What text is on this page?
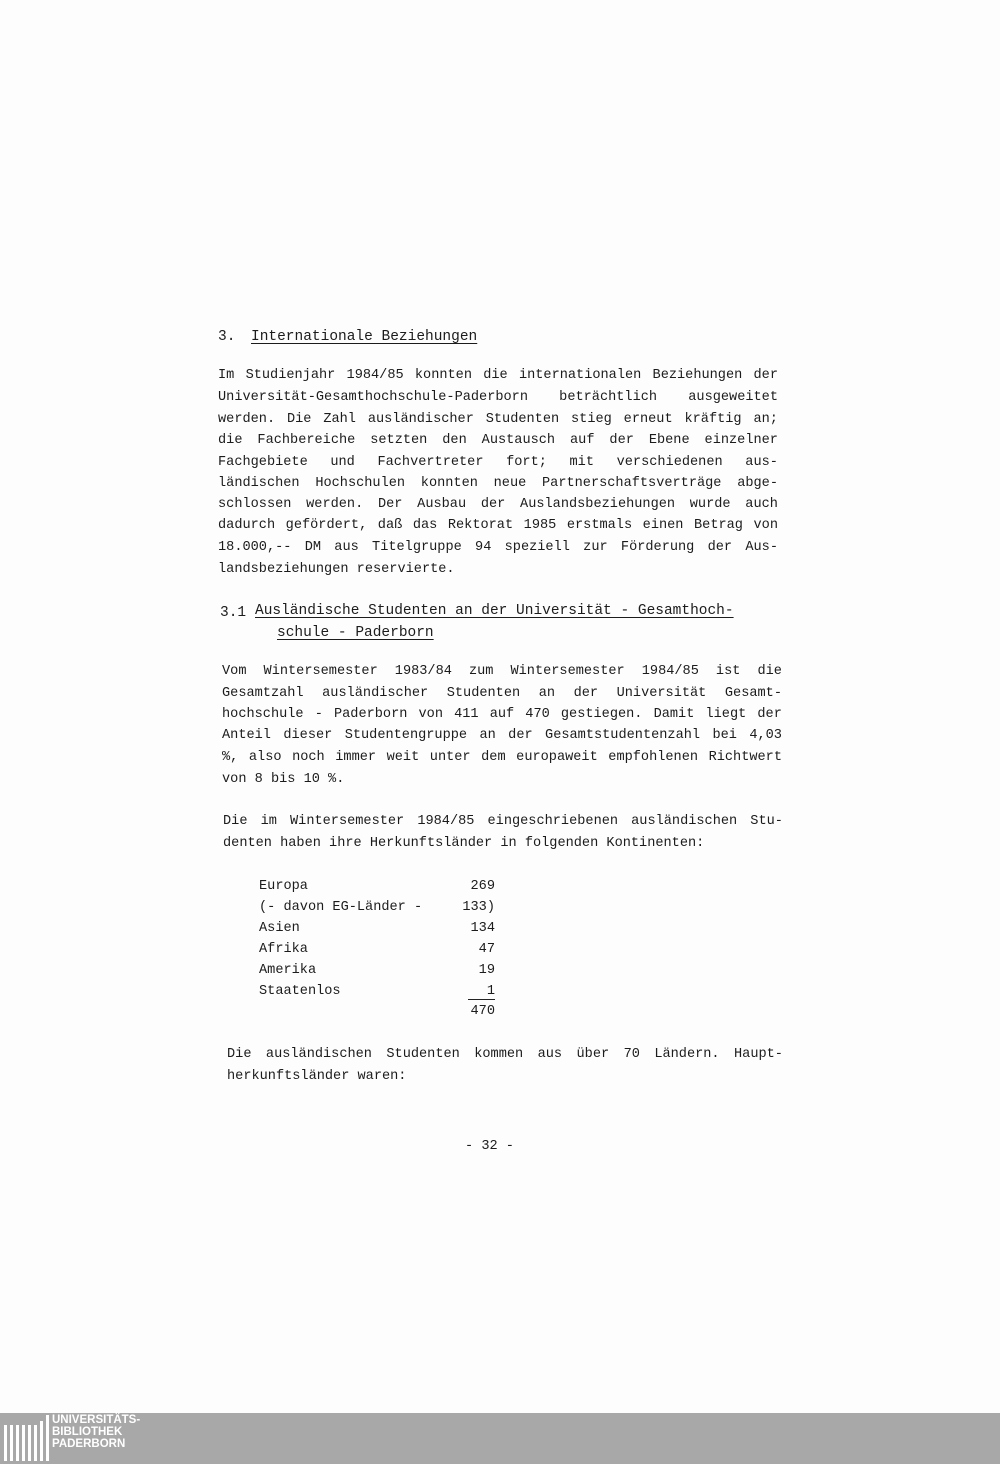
3. Internationale Beziehungen
Im Studienjahr 1984/85 konnten die internationalen Beziehungen der
Universität-Gesamthochschule-Paderborn beträchtlich ausgeweitet
werden. Die Zahl ausländischer Studenten stieg erneut kräftig an;
die Fachbereiche setzten den Austausch auf der Ebene einzelner
Fachgebiete und Fachvertreter fort; mit verschiedenen aus-
ländischen Hochschulen konnten neue Partnerschaftsverträge abge-
schlossen werden. Der Ausbau der Auslandsbeziehungen wurde auch
dadurch gefördert, daß das Rektorat 1985 erstmals einen Betrag von
18.000,-- DM aus Titelgruppe 94 speziell zur Förderung der Aus-
landsbeziehungen reservierte.
3.1 Ausländische Studenten an der Universität - Gesamthoch-
schule - Paderborn
Vom Wintersemester 1983/84 zum Wintersemester 1984/85 ist die
Gesamtzahl ausländischer Studenten an der Universität Gesamt-
hochschule - Paderborn von 411 auf 470 gestiegen. Damit liegt der
Anteil dieser Studentengruppe an der Gesamtstudentenzahl bei 4,03
%, also noch immer weit unter dem europaweit empfohlenen Richtwert
von 8 bis 10 %.
Die im Wintersemester 1984/85 eingeschriebenen ausländischen Stu-
denten haben ihre Herkunftsländer in folgenden Kontinenten:
Europa	269
(- davon EG-Länder -	133)
Asien	134
Afrika	47
Amerika	19
Staatenlos	1
470
Die ausländischen Studenten kommen aus über 70 Ländern. Haupt-
herkunftsländer waren:
- 32 -
UNIVERSITÄTS-
BIBLIOTHEK
PADERBORN
